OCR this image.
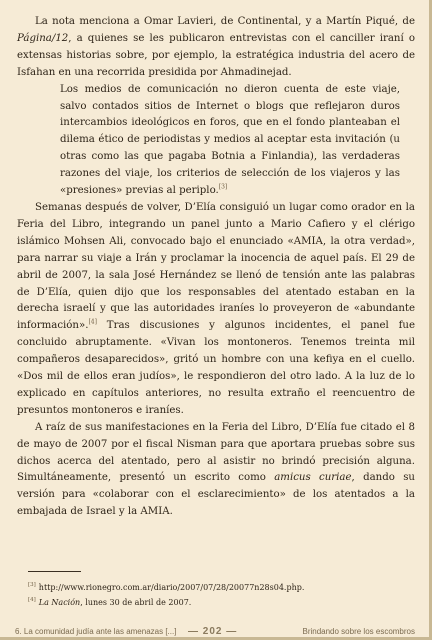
La nota menciona a Omar Lavieri, de Continental, y a Martín Piqué, de Página/12, a quienes se les publicaron entrevistas con el canciller iraní o extensas historias sobre, por ejemplo, la estratégica industria del acero de Isfahan en una recorrida presidida por Ahmadinejad.

Los medios de comunicación no dieron cuenta de este viaje, salvo contados sitios de Internet o blogs que reflejaron duros intercambios ideológicos en foros, que en el fondo planteaban el dilema ético de periodistas y medios al aceptar esta invitación (u otras como las que pagaba Botnia a Finlandia), las verdaderas razones del viaje, los criterios de selección de los viajeros y las «presiones» previas al periplo.[3]

Semanas después de volver, D’Elía consiguió un lugar como orador en la Feria del Libro, integrando un panel junto a Mario Cafiero y el clérigo islámico Mohsen Ali, convocado bajo el enunciado «AMIA, la otra verdad», para narrar su viaje a Irán y proclamar la inocencia de aquel país. El 29 de abril de 2007, la sala José Hernández se llenó de tensión ante las palabras de D’Elía, quien dijo que los responsables del atentado estaban en la derecha israelí y que las autoridades iraníes lo proveyeron de «abundante información».[4] Tras discusiones y algunos incidentes, el panel fue concluido abruptamente. «Vivan los montoneros. Tenemos treinta mil compañeros desaparecidos», gritó un hombre con una kefiya en el cuello. «Dos mil de ellos eran judíos», le respondieron del otro lado. A la luz de lo explicado en capítulos anteriores, no resulta extraño el reencuentro de presuntos montoneros e iraníes.

A raíz de sus manifestaciones en la Feria del Libro, D’Elía fue citado el 8 de mayo de 2007 por el fiscal Nisman para que aportara pruebas sobre sus dichos acerca del atentado, pero al asistir no brindó precisión alguna. Simultáneamente, presentó un escrito como amicus curiae, dando su versión para «colaborar con el esclarecimiento» de los atentados a la embajada de Israel y la AMIA.

[3] http://www.rionegro.com.ar/diario/2007/07/28/20077n28s04.php.
[4] La Nación, lunes 30 de abril de 2007.
6. La comunidad judía ante las amenazas [...] — 202 —	Brindando sobre los escombros
